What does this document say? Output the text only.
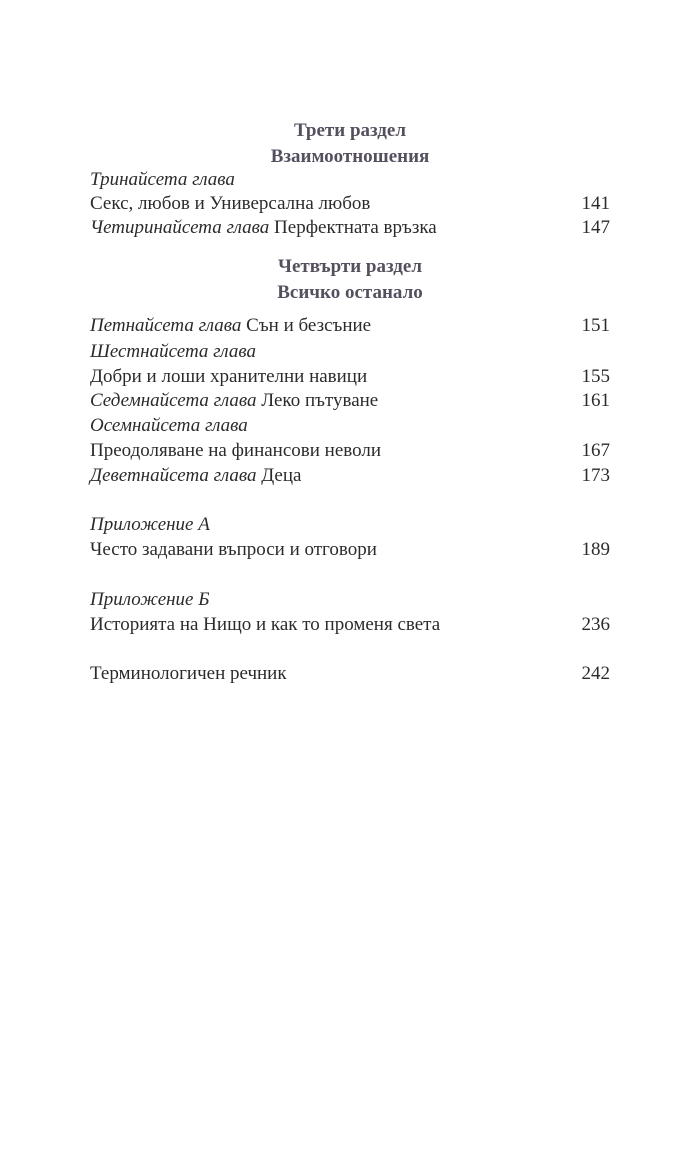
Трети раздел
Взаимоотношения
Тринайсета глава
Секс, любов и Универсална любов	141
Четиринайсета глава Перфектната връзка	147
Четвърти раздел
Всичко останало
Петнайсета глава Сън и безсъние	151
Шестнайсета глава
Добри и лоши хранителни навици	155
Седемнайсета глава Леко пътуване	161
Осемнайсета глава
Преодоляване на финансови неволи	167
Деветнайсета глава Деца	173
Приложение А
Често задавани въпроси и отговори	189
Приложение Б
Историята на Нищо и как то променя света	236
Терминологичен речник	242
